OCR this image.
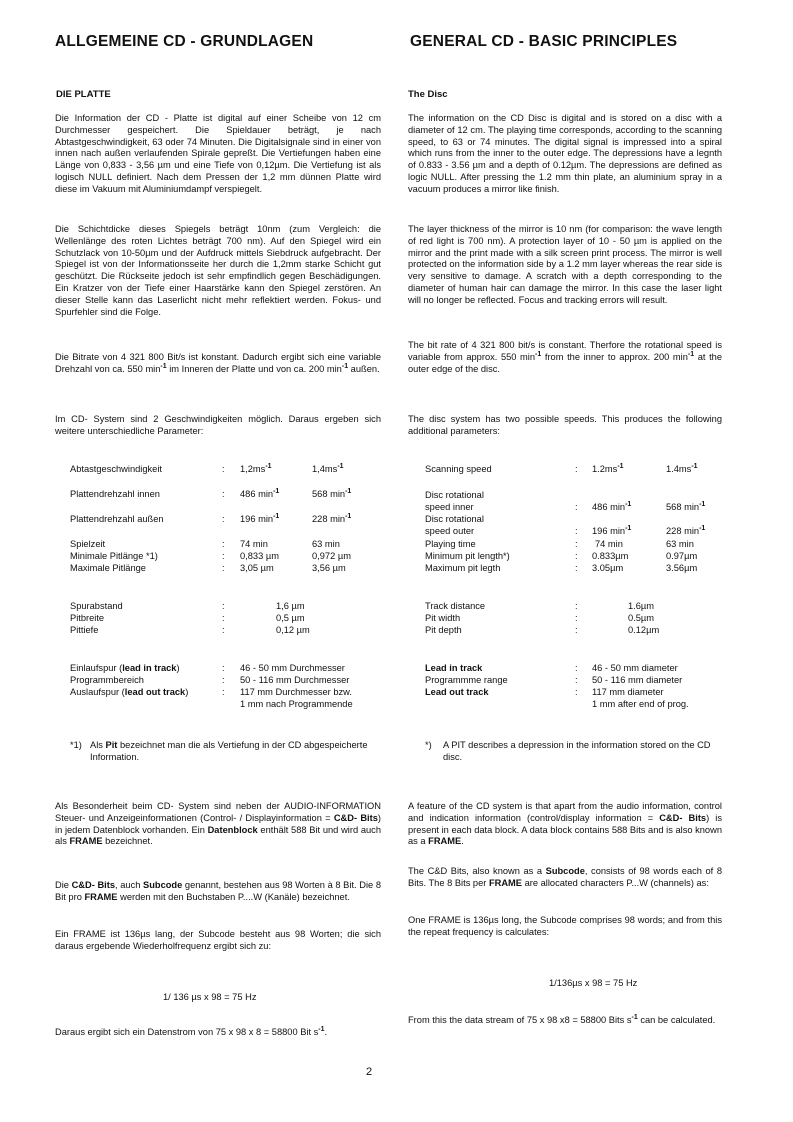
ALLGEMEINE CD - GRUNDLAGEN
DIE PLATTE

Die Information der CD - Platte ist digital auf einer Scheibe von 12 cm Durchmesser gespeichert. Die Spieldauer beträgt, je nach Abtastgeschwindigkeit, 63 oder 74 Minuten. Die Digitalsignale sind in einer von innen nach außen verlaufenden Spirale gepreßt. Die Vertiefungen haben eine Länge von 0,833 - 3,56 µm und eine Tiefe von 0,12µm. Die Vertiefung ist als logisch NULL definiert. Nach dem Pressen der 1,2 mm dünnen Platte wird diese im Vakuum mit Aluminiumdampf verspiegelt.

Die Schichtdicke dieses Spiegels beträgt 10nm (zum Vergleich: die Wellenlänge des roten Lichtes beträgt 700 nm). Auf den Spiegel wird ein Schutzlack von 10-50µm und der Aufdruck mittels Siebdruck aufgebracht. Der Spiegel ist von der Informationsseite her durch die 1,2mm starke Schicht gut geschützt. Die Rückseite jedoch ist sehr empfindlich gegen Beschädigungen. Ein Kratzer von der Tiefe einer Haarstärke kann den Spiegel zerstören. An dieser Stelle kann das Laserlicht nicht mehr reflektiert werden. Fokus- und Spurfehler sind die Folge.

Die Bitrate von 4 321 800 Bit/s ist konstant. Dadurch ergibt sich eine variable Drehzahl von ca. 550 $\min^{-1}$ im Inneren der Platte und von ca. 200 $\min^{-1}$ außen.

Im CD- System sind 2 Geschwindigkeiten möglich. Daraus ergeben sich weitere unterschiedliche Parameter:

Abtastgeschwindigkeit	: $1,2ms^{-1}$	$1,4ms^{-1}$
Plattendrehzahl innen	: 486 $\min^{-1}$	568 $\min^{-1}$
Plattendrehzahl außen	: 196 $\min^{-1}$	228 $\min^{-1}$
Spielzeit	: 74 min	63 min
Minimale Pitlänge *1)	: 0,833 µm	0,972 µm
Maximale Pitlänge	: 3,05 µm	3,56 µm
Spurabstand	:	1,6 µm
Pitbreite	:	0,5 µm
Pittiefe	:	0,12 µm
Einlaufspur (lead in track)	: 46 - 50 mm Durchmesser
Programmbereich	: 50 - 116 mm Durchmesser
Auslaufspur (lead out track)	: 117 mm Durchmesser bzw.
1 mm nach Programmende
*1) Als Pit bezeichnet man die als Vertiefung in der CD abgespeicherte Information.

Als Besonderheit beim CD- System sind neben der AUDIO-INFORMATION Steuer- und Anzeigeinformationen (Control- / Displayinformation = C&D- Bits) in jedem Datenblock vorhanden. Ein Datenblock enthält 588 Bit und wird auch als FRAME bezeichnet.

Die C&D- Bits, auch Subcode genannt, bestehen aus 98 Worten à 8 Bit. Die 8 Bit pro FRAME werden mit den Buchstaben P....W (Kanäle) bezeichnet.

Ein FRAME ist 136µs lang, der Subcode besteht aus 98 Worten; die sich daraus ergebende Wiederholfrequenz ergibt sich zu:

1/ 136 µs x 98 = 75 Hz
Daraus ergibt sich ein Datenstrom von 75 x 98 x 8 = 58800 Bit $s^{-1}$.
GENERAL CD - BASIC PRINCIPLES
The Disc

The information on the CD Disc is digital and is stored on a disc with a diameter of 12 cm. The playing time corresponds, according to the scanning speed, to 63 or 74 minutes. The digital signal is impressed into a spiral which runs from the inner to the outer edge. The depressions have a legnth of 0.833 - 3.56 µm and a depth of 0.12µm. The depressions are defined as logic NULL. After pressing the 1.2 mm thin plate, an aluminium spray in a vacuum produces a mirror like finish.

The layer thickness of the mirror is 10 nm (for comparison: the wave length of red light is 700 nm). A protection layer of 10 - 50 µm is applied on the mirror and the print made with a silk screen print process. The mirror is well protected on the information side by a 1.2 mm layer whereas the rear side is very sensitive to damage. A scratch with a depth corresponding to the diameter of human hair can damage the mirror. In this case the laser light will no longer be reflected. Focus and tracking errors will result.

The bit rate of 4 321 800 bit/s is constant. Therfore the rotational speed is variable from approx. 550 $\min^{-1}$ from the inner to approx. 200 $\min^{-1}$ at the outer edge of the disc.

The disc system has two possible speeds. This produces the following additional parameters:

Scanning speed	: $1.2ms^{-1}$	$1.4ms^{-1}$
Disc rotational
speed inner	: 486 $\min^{-1}$	568 $\min^{-1}$
Disc rotational
speed outer	: 196 $\min^{-1}$	228 $\min^{-1}$
Playing time	: 74 min	63 min
Minimum pit length*)	: 0.833µm	0.97µm
Maximum pit legth	: 3.05µm	3.56µm
Track distance	:	1.6µm
Pit width	:	0.5µm
Pit depth	:	0.12µm
Lead in track	: 46 - 50 mm diameter
Programmme range	: 50 - 116 mm diameter
Lead out track	: 117 mm diameter
1 mm after end of prog.
*) A PIT describes a depression in the information stored on the CD disc.

A feature of the CD system is that apart from the audio information, control and indication information (control/display information = C&D- Bits) is present in each data block. A data block contains 588 Bits and is also known as a FRAME.

The C&D Bits, also known as a Subcode, consists of 98 words each of 8 Bits. The 8 Bits per FRAME are allocated characters P...W (channels) as:

One FRAME is 136µs long, the Subcode comprises 98 words; and from this the repeat frequency is calculates:

1/136µs x 98 = 75 Hz

From this the data stream of 75 x 98 x8 = 58800 Bits $s^{-1}$ can be calculated.

2
